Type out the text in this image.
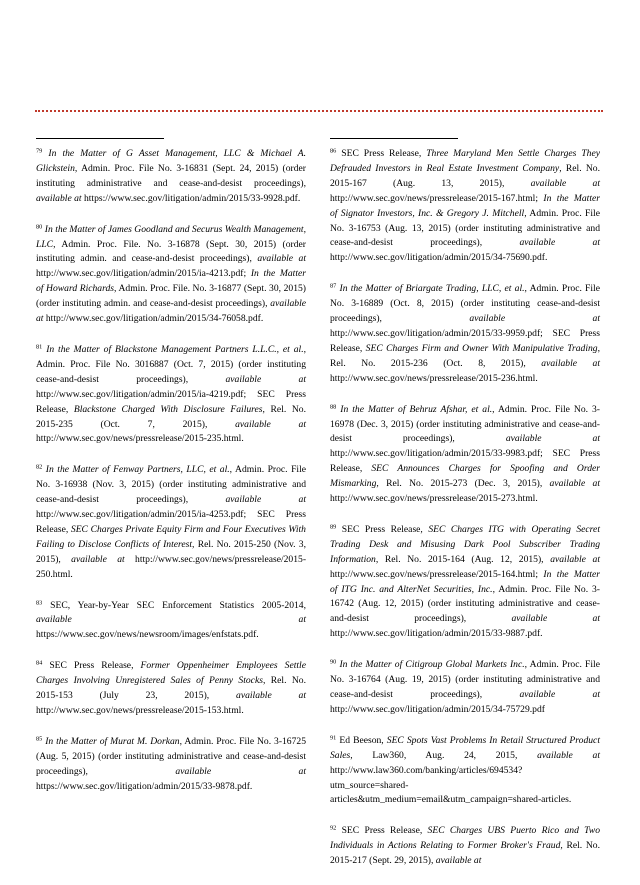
$^{79}$ In the Matter of G Asset Management, LLC & Michael A. Glickstein, Admin. Proc. File No. 3-16831 (Sept. 24, 2015) (order instituting administrative and cease-and-desist proceedings), available at https://www.sec.gov/litigation/admin/2015/33-9928.pdf.

$^{80}$ In the Matter of James Goodland and Securus Wealth Management, LLC, Admin. Proc. File. No. 3-16878 (Sept. 30, 2015) (order instituting admin. and cease-and-desist proceedings), available at http://www.sec.gov/litigation/admin/2015/ia-4213.pdf; In the Matter of Howard Richards, Admin. Proc. File. No. 3-16877 (Sept. 30, 2015)(order instituting admin. and cease-and-desist proceedings), available at http://www.sec.gov/litigation/admin/2015/34-76058.pdf.

$^{81}$ In the Matter of Blackstone Management Partners L.L.C., et al., Admin. Proc. File No. 3016887 (Oct. 7, 2015) (order instituting cease-and-desist proceedings), available at http://www.sec.gov/litigation/admin/2015/ia-4219.pdf; SEC Press Release, Blackstone Charged With Disclosure Failures, Rel. No. 2015-235 (Oct. 7, 2015), available at http://www.sec.gov/news/pressrelease/2015-235.html.

$^{82}$ In the Matter of Fenway Partners, LLC, et al., Admin. Proc. File No. 3-16938 (Nov. 3, 2015) (order instituting administrative and cease-and-desist proceedings), available at http://www.sec.gov/litigation/admin/2015/ia-4253.pdf; SEC Press Release, SEC Charges Private Equity Firm and Four Executives With Failing to Disclose Conflicts of Interest, Rel. No. 2015-250 (Nov. 3, 2015), available at http://www.sec.gov/news/pressrelease/2015-250.html.

$^{83}$ SEC, Year-by-Year SEC Enforcement Statistics 2005-2014, available at https://www.sec.gov/news/newsroom/images/enfstats.pdf.

$^{84}$ SEC Press Release, Former Oppenheimer Employees Settle Charges Involving Unregistered Sales of Penny Stocks, Rel. No. 2015-153 (July 23, 2015), available at http://www.sec.gov/news/pressrelease/2015-153.html.

$^{85}$ In the Matter of Murat M. Dorkan, Admin. Proc. File No. 3-16725 (Aug. 5, 2015) (order instituting administrative and cease-and-desist proceedings), available at https://www.sec.gov/litigation/admin/2015/33-9878.pdf.

$^{86}$ SEC Press Release, Three Maryland Men Settle Charges They Defrauded Investors in Real Estate Investment Company, Rel. No. 2015-167 (Aug. 13, 2015), available at http://www.sec.gov/news/pressrelease/2015-167.html; In the Matter of Signator Investors, Inc. & Gregory J. Mitchell, Admin. Proc. File No. 3-16753 (Aug. 13, 2015) (order instituting administrative and cease-and-desist proceedings), available at http://www.sec.gov/litigation/admin/2015/34-75690.pdf.

$^{87}$ In the Matter of Briargate Trading, LLC, et al., Admin. Proc. File No. 3-16889 (Oct. 8, 2015) (order instituting cease-and-desist proceedings), available at http://www.sec.gov/litigation/admin/2015/33-9959.pdf; SEC Press Release, SEC Charges Firm and Owner With Manipulative Trading, Rel. No. 2015-236 (Oct. 8, 2015), available at http://www.sec.gov/news/pressrelease/2015-236.html.

$^{88}$ In the Matter of Behruz Afshar, et al., Admin. Proc. File No. 3-16978 (Dec. 3, 2015) (order instituting administrative and cease-and-desist proceedings), available at http://www.sec.gov/litigation/admin/2015/33-9983.pdf; SEC Press Release, SEC Announces Charges for Spoofing and Order Mismarking, Rel. No. 2015-273 (Dec. 3, 2015), available at http://www.sec.gov/news/pressrelease/2015-273.html.

$^{89}$ SEC Press Release, SEC Charges ITG with Operating Secret Trading Desk and Misusing Dark Pool Subscriber Trading Information, Rel. No. 2015-164 (Aug. 12, 2015), available at http://www.sec.gov/news/pressrelease/2015-164.html; In the Matter of ITG Inc. and AlterNet Securities, Inc., Admin. Proc. File No. 3-16742 (Aug. 12, 2015) (order instituting administrative and cease-and-desist proceedings), available at http://www.sec.gov/litigation/admin/2015/33-9887.pdf.

$^{90}$ In the Matter of Citigroup Global Markets Inc., Admin. Proc. File No. 3-16764 (Aug. 19, 2015) (order instituting administrative and cease-and-desist proceedings), available at http://www.sec.gov/litigation/admin/2015/34-75729.pdf

$^{91}$ Ed Beeson, SEC Spots Vast Problems In Retail Structured Product Sales, Law360, Aug. 24, 2015, available at http://www.law360.com/banking/articles/694534?utm_source=shared-articles&utm_medium=email&utm_campaign=shared-articles.

$^{92}$ SEC Press Release, SEC Charges UBS Puerto Rico and Two Individuals in Actions Relating to Former Broker's Fraud, Rel. No. 2015-217 (Sept. 29, 2015), available at
